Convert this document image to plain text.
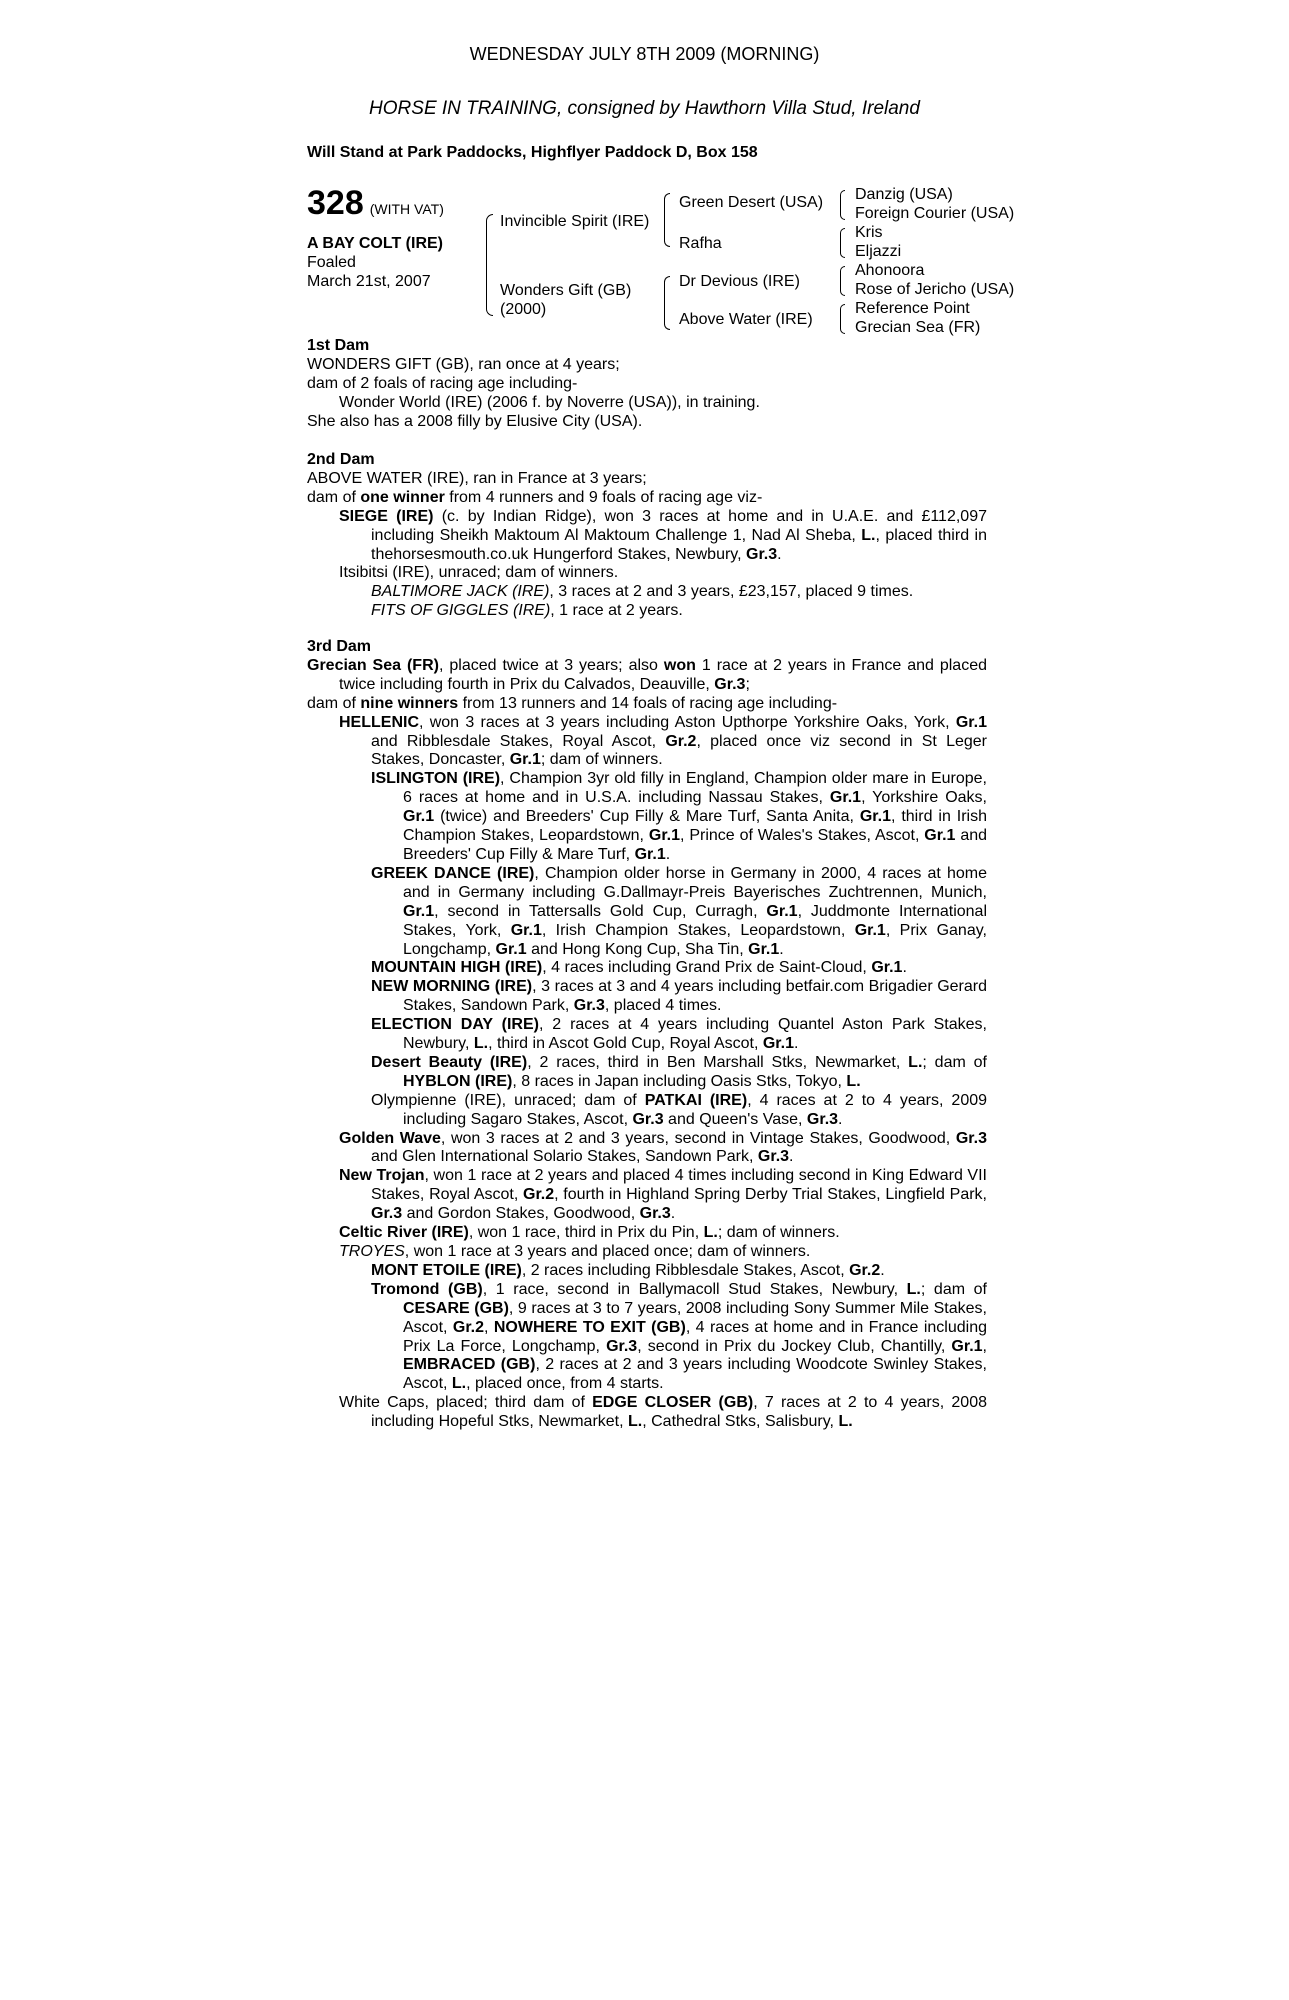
WEDNESDAY JULY 8TH 2009 (MORNING)
HORSE IN TRAINING, consigned by Hawthorn Villa Stud, Ireland
Will Stand at Park Paddocks, Highflyer Paddock D, Box 158
328 (WITH VAT)
A BAY COLT (IRE)
Foaled
March 21st, 2007
Invincible Spirit (IRE)
Wonders Gift (GB)
(2000)
Green Desert (USA)
Rafha
Dr Devious (IRE)
Above Water (IRE)
Danzig (USA)
Foreign Courier (USA)
Kris
Eljazzi
Ahonoora
Rose of Jericho (USA)
Reference Point
Grecian Sea (FR)

1st Dam

WONDERS GIFT (GB), ran once at 4 years;

dam of 2 foals of racing age including-

Wonder World (IRE) (2006 f. by Noverre (USA)), in training.

She also has a 2008 filly by Elusive City (USA).

2nd Dam

ABOVE WATER (IRE), ran in France at 3 years;

dam of one winner from 4 runners and 9 foals of racing age viz-

SIEGE (IRE) (c. by Indian Ridge), won 3 races at home and in U.A.E. and £112,097 including Sheikh Maktoum Al Maktoum Challenge 1, Nad Al Sheba, L., placed third in thehorsesmouth.co.uk Hungerford Stakes, Newbury, Gr.3.

Itsibitsi (IRE), unraced; dam of winners.

BALTIMORE JACK (IRE), 3 races at 2 and 3 years, £23,157, placed 9 times.

FITS OF GIGGLES (IRE), 1 race at 2 years.

3rd Dam

Grecian Sea (FR), placed twice at 3 years; also won 1 race at 2 years in France and placed twice including fourth in Prix du Calvados, Deauville, Gr.3;

dam of nine winners from 13 runners and 14 foals of racing age including-

HELLENIC, won 3 races at 3 years including Aston Upthorpe Yorkshire Oaks, York, Gr.1 and Ribblesdale Stakes, Royal Ascot, Gr.2, placed once viz second in St Leger Stakes, Doncaster, Gr.1; dam of winners.

ISLINGTON (IRE), Champion 3yr old filly in England, Champion older mare in Europe, 6 races at home and in U.S.A. including Nassau Stakes, Gr.1, Yorkshire Oaks, Gr.1 (twice) and Breeders' Cup Filly & Mare Turf, Santa Anita, Gr.1, third in Irish Champion Stakes, Leopardstown, Gr.1, Prince of Wales's Stakes, Ascot, Gr.1 and Breeders' Cup Filly & Mare Turf, Gr.1.

GREEK DANCE (IRE), Champion older horse in Germany in 2000, 4 races at home and in Germany including G.Dallmayr-Preis Bayerisches Zuchtrennen, Munich, Gr.1, second in Tattersalls Gold Cup, Curragh, Gr.1, Juddmonte International Stakes, York, Gr.1, Irish Champion Stakes, Leopardstown, Gr.1, Prix Ganay, Longchamp, Gr.1 and Hong Kong Cup, Sha Tin, Gr.1.

MOUNTAIN HIGH (IRE), 4 races including Grand Prix de Saint-Cloud, Gr.1.

NEW MORNING (IRE), 3 races at 3 and 4 years including betfair.com Brigadier Gerard Stakes, Sandown Park, Gr.3, placed 4 times.

ELECTION DAY (IRE), 2 races at 4 years including Quantel Aston Park Stakes, Newbury, L., third in Ascot Gold Cup, Royal Ascot, Gr.1.

Desert Beauty (IRE), 2 races, third in Ben Marshall Stks, Newmarket, L.; dam of HYBLON (IRE), 8 races in Japan including Oasis Stks, Tokyo, L.

Olympienne (IRE), unraced; dam of PATKAI (IRE), 4 races at 2 to 4 years, 2009 including Sagaro Stakes, Ascot, Gr.3 and Queen's Vase, Gr.3.

Golden Wave, won 3 races at 2 and 3 years, second in Vintage Stakes, Goodwood, Gr.3 and Glen International Solario Stakes, Sandown Park, Gr.3.

New Trojan, won 1 race at 2 years and placed 4 times including second in King Edward VII Stakes, Royal Ascot, Gr.2, fourth in Highland Spring Derby Trial Stakes, Lingfield Park, Gr.3 and Gordon Stakes, Goodwood, Gr.3.

Celtic River (IRE), won 1 race, third in Prix du Pin, L.; dam of winners.

TROYES, won 1 race at 3 years and placed once; dam of winners.

MONT ETOILE (IRE), 2 races including Ribblesdale Stakes, Ascot, Gr.2.

Tromond (GB), 1 race, second in Ballymacoll Stud Stakes, Newbury, L.; dam of CESARE (GB), 9 races at 3 to 7 years, 2008 including Sony Summer Mile Stakes, Ascot, Gr.2, NOWHERE TO EXIT (GB), 4 races at home and in France including Prix La Force, Longchamp, Gr.3, second in Prix du Jockey Club, Chantilly, Gr.1, EMBRACED (GB), 2 races at 2 and 3 years including Woodcote Swinley Stakes, Ascot, L., placed once, from 4 starts.

White Caps, placed; third dam of EDGE CLOSER (GB), 7 races at 2 to 4 years, 2008 including Hopeful Stks, Newmarket, L., Cathedral Stks, Salisbury, L.
